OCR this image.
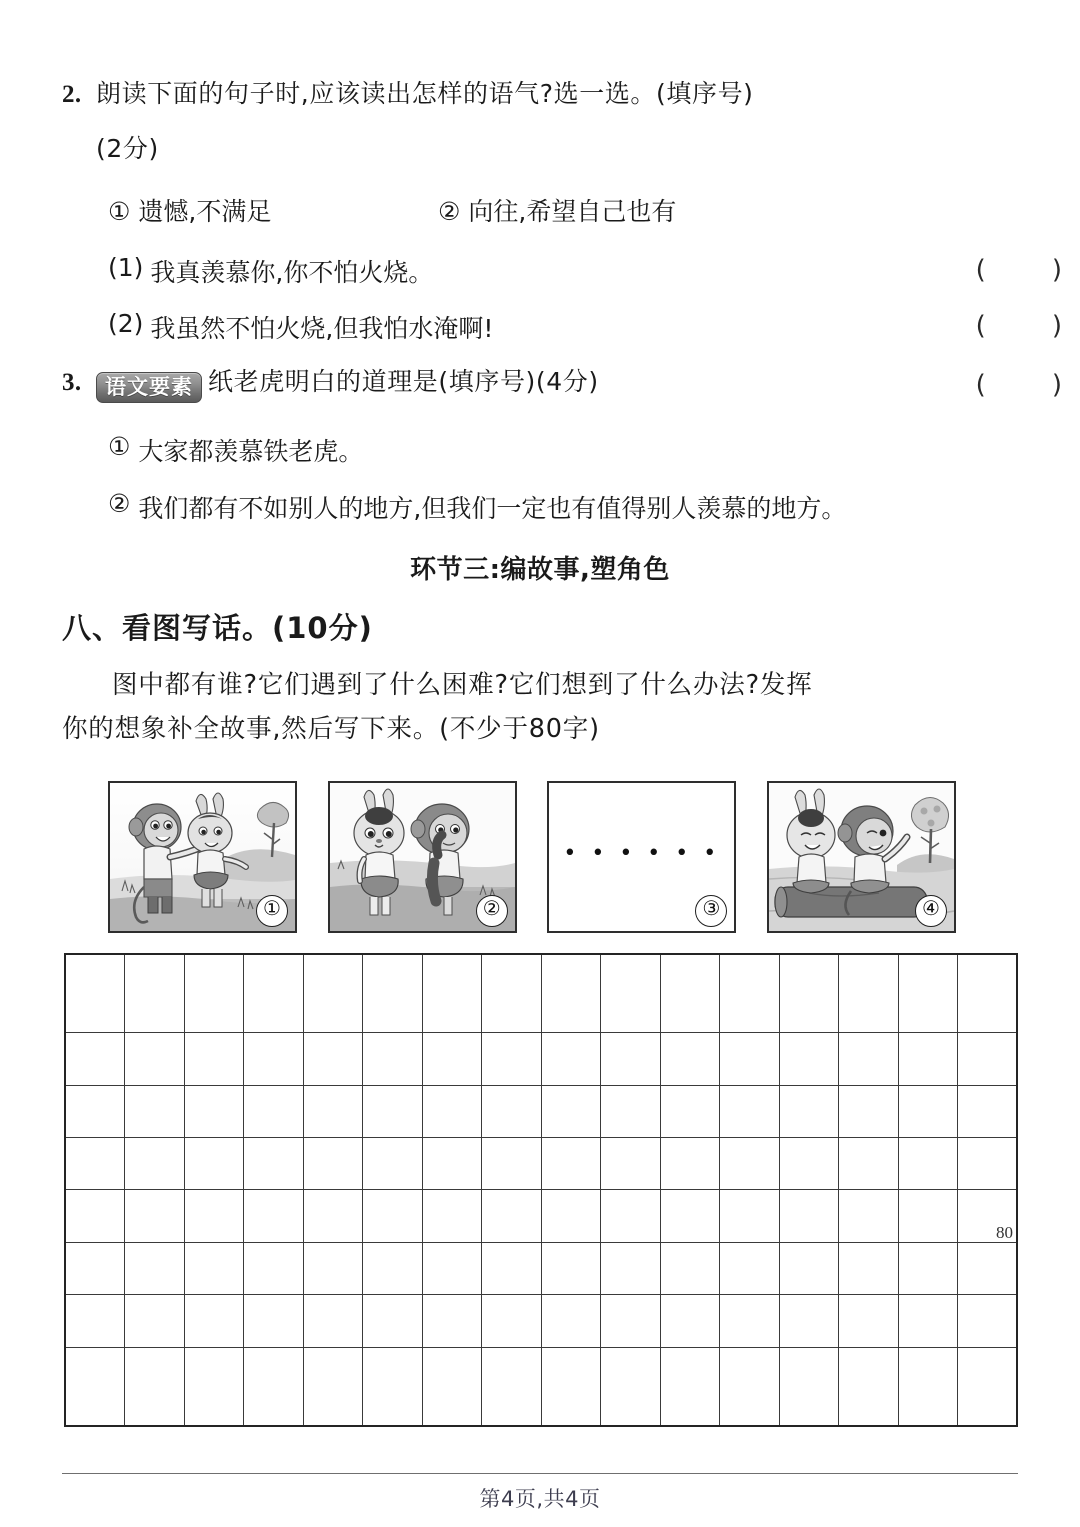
2. 朗读下面的句子时,应该读出怎样的语气?选一选。(填序号)
(2分)
① 遗憾,不满足	② 向往,希望自己也有
(1) 我真羡慕你,你不怕火烧。	(        )
(2) 我虽然不怕火烧,但我怕水淹啊!	(        )
3.	语文要素 纸老虎明白的道理是(填序号)(4分)	(        )
① 大家都羡慕铁老虎。
② 我们都有不如别人的地方,但我们一定也有值得别人羡慕的地方。
环节三:编故事,塑角色
八、看图写话。(10分)
图中都有谁?它们遇到了什么困难?它们想到了什么办法?发挥
你的想象补全故事,然后写下来。(不少于80字)
①	②
• • • • • •
③	④

															80

第4页,共4页
